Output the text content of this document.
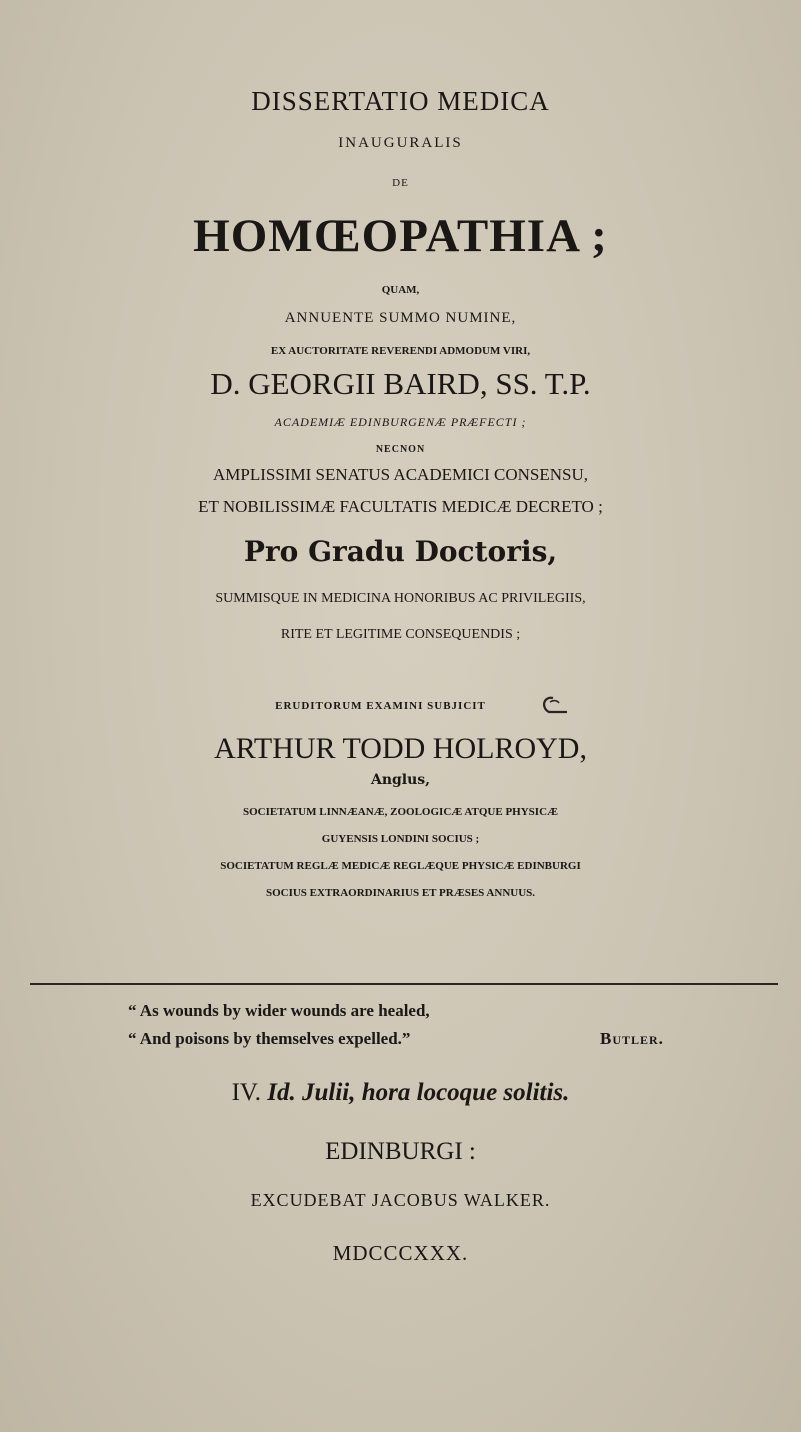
DISSERTATIO MEDICA
INAUGURALIS
DE
HOMŒOPATHIA ;
QUAM,
ANNUENTE SUMMO NUMINE,
EX AUCTORITATE REVERENDI ADMODUM VIRI,
D. GEORGII BAIRD, SS. T.P.
ACADEMIÆ EDINBURGENÆ PRÆFECTI ;
NECNON
AMPLISSIMI SENATUS ACADEMICI CONSENSU,
ET NOBILISSIMÆ FACULTATIS MEDICÆ DECRETO ;
Pro Gradu Doctoris,
SUMMISQUE IN MEDICINA HONORIBUS AC PRIVILEGIIS,
RITE ET LEGITIME CONSEQUENDIS ;
ERUDITORUM EXAMINI SUBJICIT
ARTHUR TODD HOLROYD,
Anglus,
SOCIETATUM LINNÆANÆ, ZOOLOGICÆ ATQUE PHYSICÆ
GUYENSIS LONDINI SOCIUS ;
SOCIETATUM REGLÆ MEDICÆ REGLÆQUE PHYSICÆ EDINBURGI
SOCIUS EXTRAORDINARIUS ET PRÆSES ANNUUS.
“ As wounds by wider wounds are healed,
“ And poisons by themselves expelled.”	Butler.
IV. Id. Julii, hora locoque solitis.
EDINBURGI :
EXCUDEBAT JACOBUS WALKER.
MDCCCXXX.
